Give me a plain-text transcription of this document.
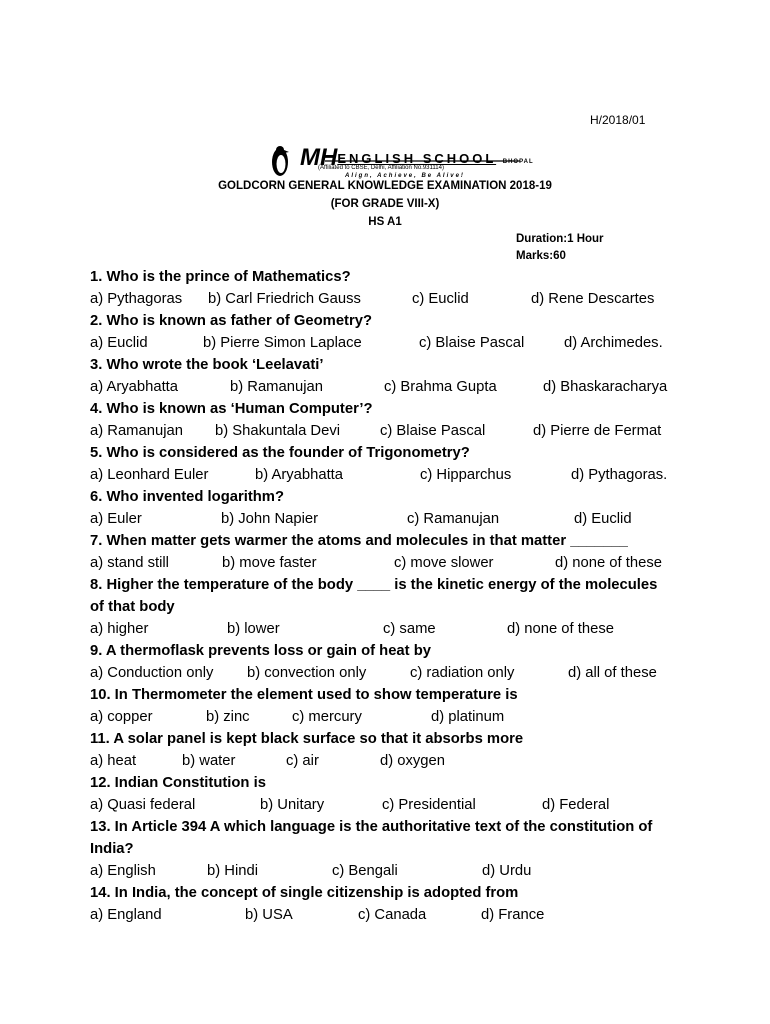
H/2018/01
MHENGLISH SCHOOL BHOPAL
(Affiliated to CBSE, Delhi, Affiliation No.931114)
Align, Achieve, Be Alive!
GOLDCORN GENERAL KNOWLEDGE EXAMINATION 2018-19
(FOR GRADE VIII-X)
HS A1
Duration:1 Hour
Marks:60

1. Who is the prince of Mathematics?

a) Pythagoras b) Carl Friedrich Gauss	c) Euclid	d) Rene Descartes

2. Who is known as father of Geometry?

a) Euclid	b) Pierre Simon Laplace	c) Blaise Pascal	d) Archimedes.

3. Who wrote the book ‘Leelavati’

a) Aryabhatta	b) Ramanujan	c) Brahma Gupta	d) Bhaskaracharya

4. Who is known as ‘Human Computer’?

a) Ramanujan b) Shakuntala Devi	c) Blaise Pascal	d) Pierre de Fermat

5. Who is considered as the founder of Trigonometry?

a) Leonhard Euler	b) Aryabhatta	c) Hipparchus	d) Pythagoras.

6. Who invented logarithm?

a) Euler	b) John Napier	c) Ramanujan	d) Euclid

7. When matter gets warmer the atoms and molecules in that matter _______

a) stand still	b) move faster	c) move slower	d) none of these

8. Higher the temperature of the body ____ is the kinetic energy of the molecules

of that body

a) higher	b) lower	c) same	d) none of these

9. A thermoflask prevents loss or gain of heat by

a) Conduction only b) convection only	c) radiation only	d) all of these

10. In Thermometer the element used to show temperature is

a) copper	b) zinc	c) mercury	d) platinum

11. A solar panel is kept black surface so that it absorbs more

a) heat	b) water	c) air	d) oxygen

12. Indian Constitution is

a) Quasi federal	b) Unitary	c) Presidential	d) Federal

13. In Article 394 A which language is the authoritative text of the constitution of

India?

a) English	b) Hindi	c) Bengali	d) Urdu

14. In India, the concept of single citizenship is adopted from

a) England	b) USA	c) Canada	d) France
